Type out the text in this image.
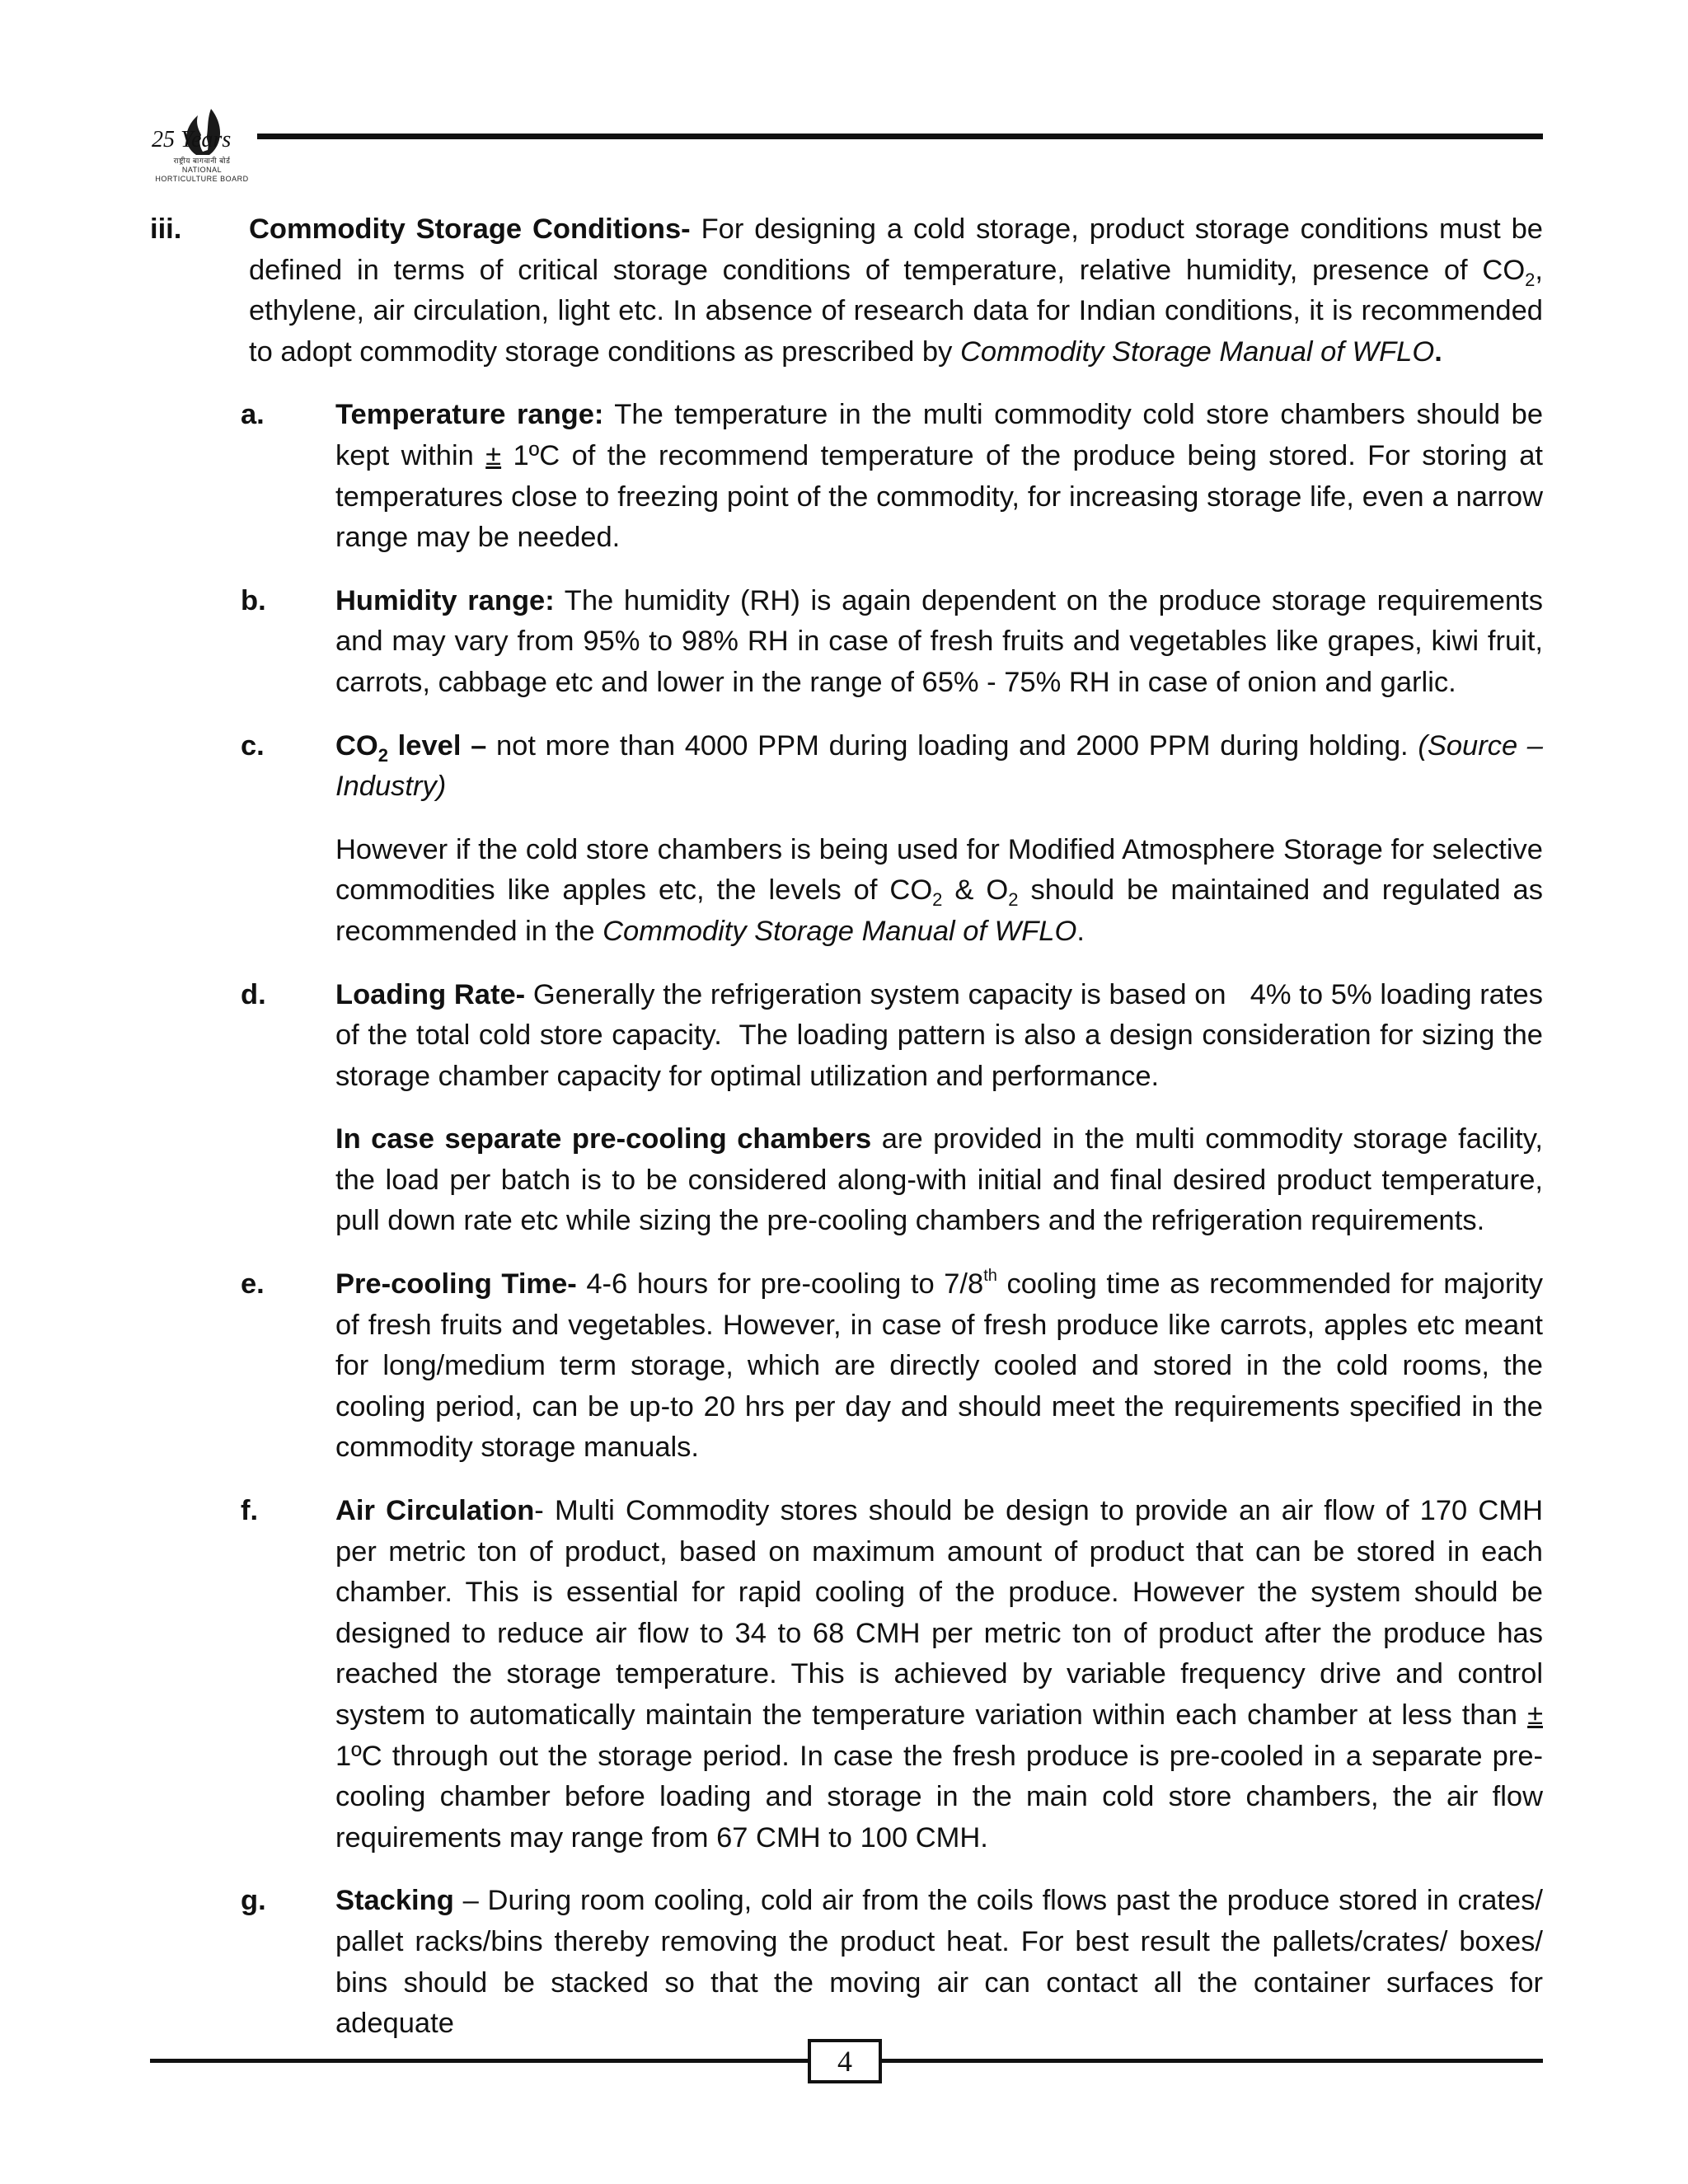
25 Years
राष्ट्रीय बागवानी बोर्ड
NATIONAL
HORTICULTURE BOARD
iii. Commodity Storage Conditions- For designing a cold storage, product storage conditions must be defined in terms of critical storage conditions of temperature, relative humidity, presence of $CO_2$, ethylene, air circulation, light etc. In absence of research data for Indian conditions, it is recommended to adopt commodity storage conditions as prescribed by Commodity Storage Manual of WFLO.
a. Temperature range: The temperature in the multi commodity cold store chambers should be kept within ± 1ºC of the recommend temperature of the produce being stored. For storing at temperatures close to freezing point of the commodity, for increasing storage life, even a narrow range may be needed.
b. Humidity range: The humidity (RH) is again dependent on the produce storage requirements and may vary from 95% to 98% RH in case of fresh fruits and vegetables like grapes, kiwi fruit, carrots, cabbage etc and lower in the range of 65% - 75% RH in case of onion and garlic.
c. $CO_2$ level – not more than 4000 PPM during loading and 2000 PPM during holding. (Source – Industry)
However if the cold store chambers is being used for Modified Atmosphere Storage for selective commodities like apples etc, the levels of $CO_2$ & $O_2$ should be maintained and regulated as recommended in the Commodity Storage Manual of WFLO.
d. Loading Rate- Generally the refrigeration system capacity is based on   4% to 5% loading rates of the total cold store capacity.  The loading pattern is also a design consideration for sizing the storage chamber capacity for optimal utilization and performance.
In case separate pre-cooling chambers are provided in the multi commodity storage facility, the load per batch is to be considered along-with initial and final desired product temperature, pull down rate etc while sizing the pre-cooling chambers and the refrigeration requirements.
e. Pre-cooling Time- 4-6 hours for pre-cooling to 7/8th cooling time as recommended for majority of fresh fruits and vegetables. However, in case of fresh produce like carrots, apples etc meant for long/medium term storage, which are directly cooled and stored in the cold rooms, the cooling period, can be up-to 20 hrs per day and should meet the requirements specified in the commodity storage manuals.
f.	Air Circulation- Multi Commodity stores should be design to provide an air flow of 170 CMH per metric ton of product, based on maximum amount of product that can be stored in each chamber. This is essential for rapid cooling of the produce. However the system should be designed to reduce air flow to 34 to 68 CMH per metric ton of product after the produce has reached the storage temperature. This is achieved by variable frequency drive and control system to automatically maintain the temperature variation within each chamber at less than ± 1ºC through out the storage period. In case the fresh produce is pre-cooled in a separate pre-cooling chamber before loading and storage in the main cold store chambers, the air flow requirements may range from 67 CMH to 100 CMH.
g. Stacking – During room cooling, cold air from the coils flows past the produce stored in crates/ pallet racks/bins thereby removing the product heat. For best result the pallets/crates/ boxes/ bins should be stacked so that the moving air can contact all the container surfaces for adequate
4
